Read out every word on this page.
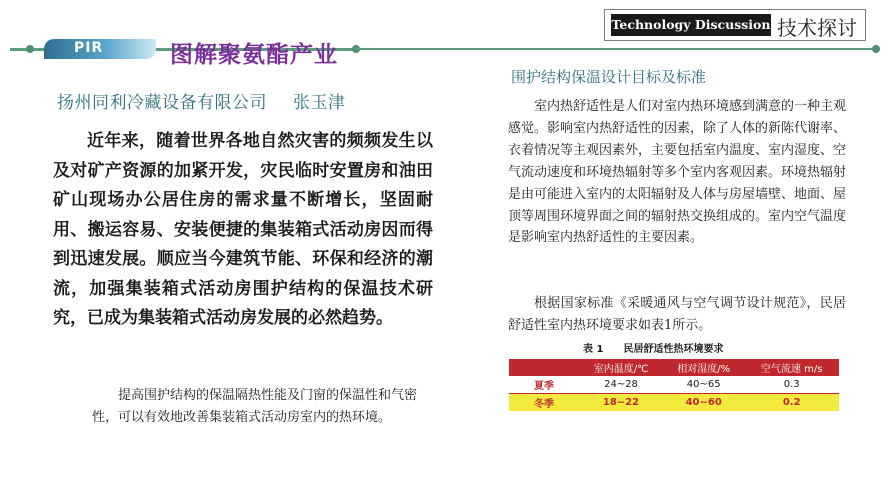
PIR	图解聚氨酯产业
Technology Discussion 技术探讨
扬州同利冷藏设备有限公司 张玉津

近年来，随着世界各地自然灾害的频频发生以及对矿产资源的加紧开发，灾民临时安置房和油田矿山现场办公居住房的需求量不断增长，坚固耐用、搬运容易、安装便捷的集装箱式活动房因而得到迅速发展。顺应当今建筑节能、环保和经济的潮流，加强集装箱式活动房围护结构的保温技术研究，已成为集装箱式活动房发展的必然趋势。

提高围护结构的保温隔热性能及门窗的保温性和气密性，可以有效地改善集装箱式活动房室内的热环境。

围护结构保温设计目标及标准

室内热舒适性是人们对室内热环境感到满意的一种主观感觉。影响室内热舒适性的因素，除了人体的新陈代谢率、衣着情况等主观因素外，主要包括室内温度、室内湿度、空气流动速度和环境热辐射等多个室内客观因素。环境热辐射是由可能进入室内的太阳辐射及人体与房屋墙壁、地面、屋顶等周围环境界面之间的辐射热交换组成的。室内空气温度是影响室内热舒适性的主要因素。

根据国家标准《采暖通风与空气调节设计规范》，民居舒适性室内热环境要求如表1所示。

表 1 民居舒适性热环境要求
	室内温度/℃	相对湿度/%	空气流速 m/s
夏季	24~28	40~65	0.3
冬季	18~22	40~60	0.2
